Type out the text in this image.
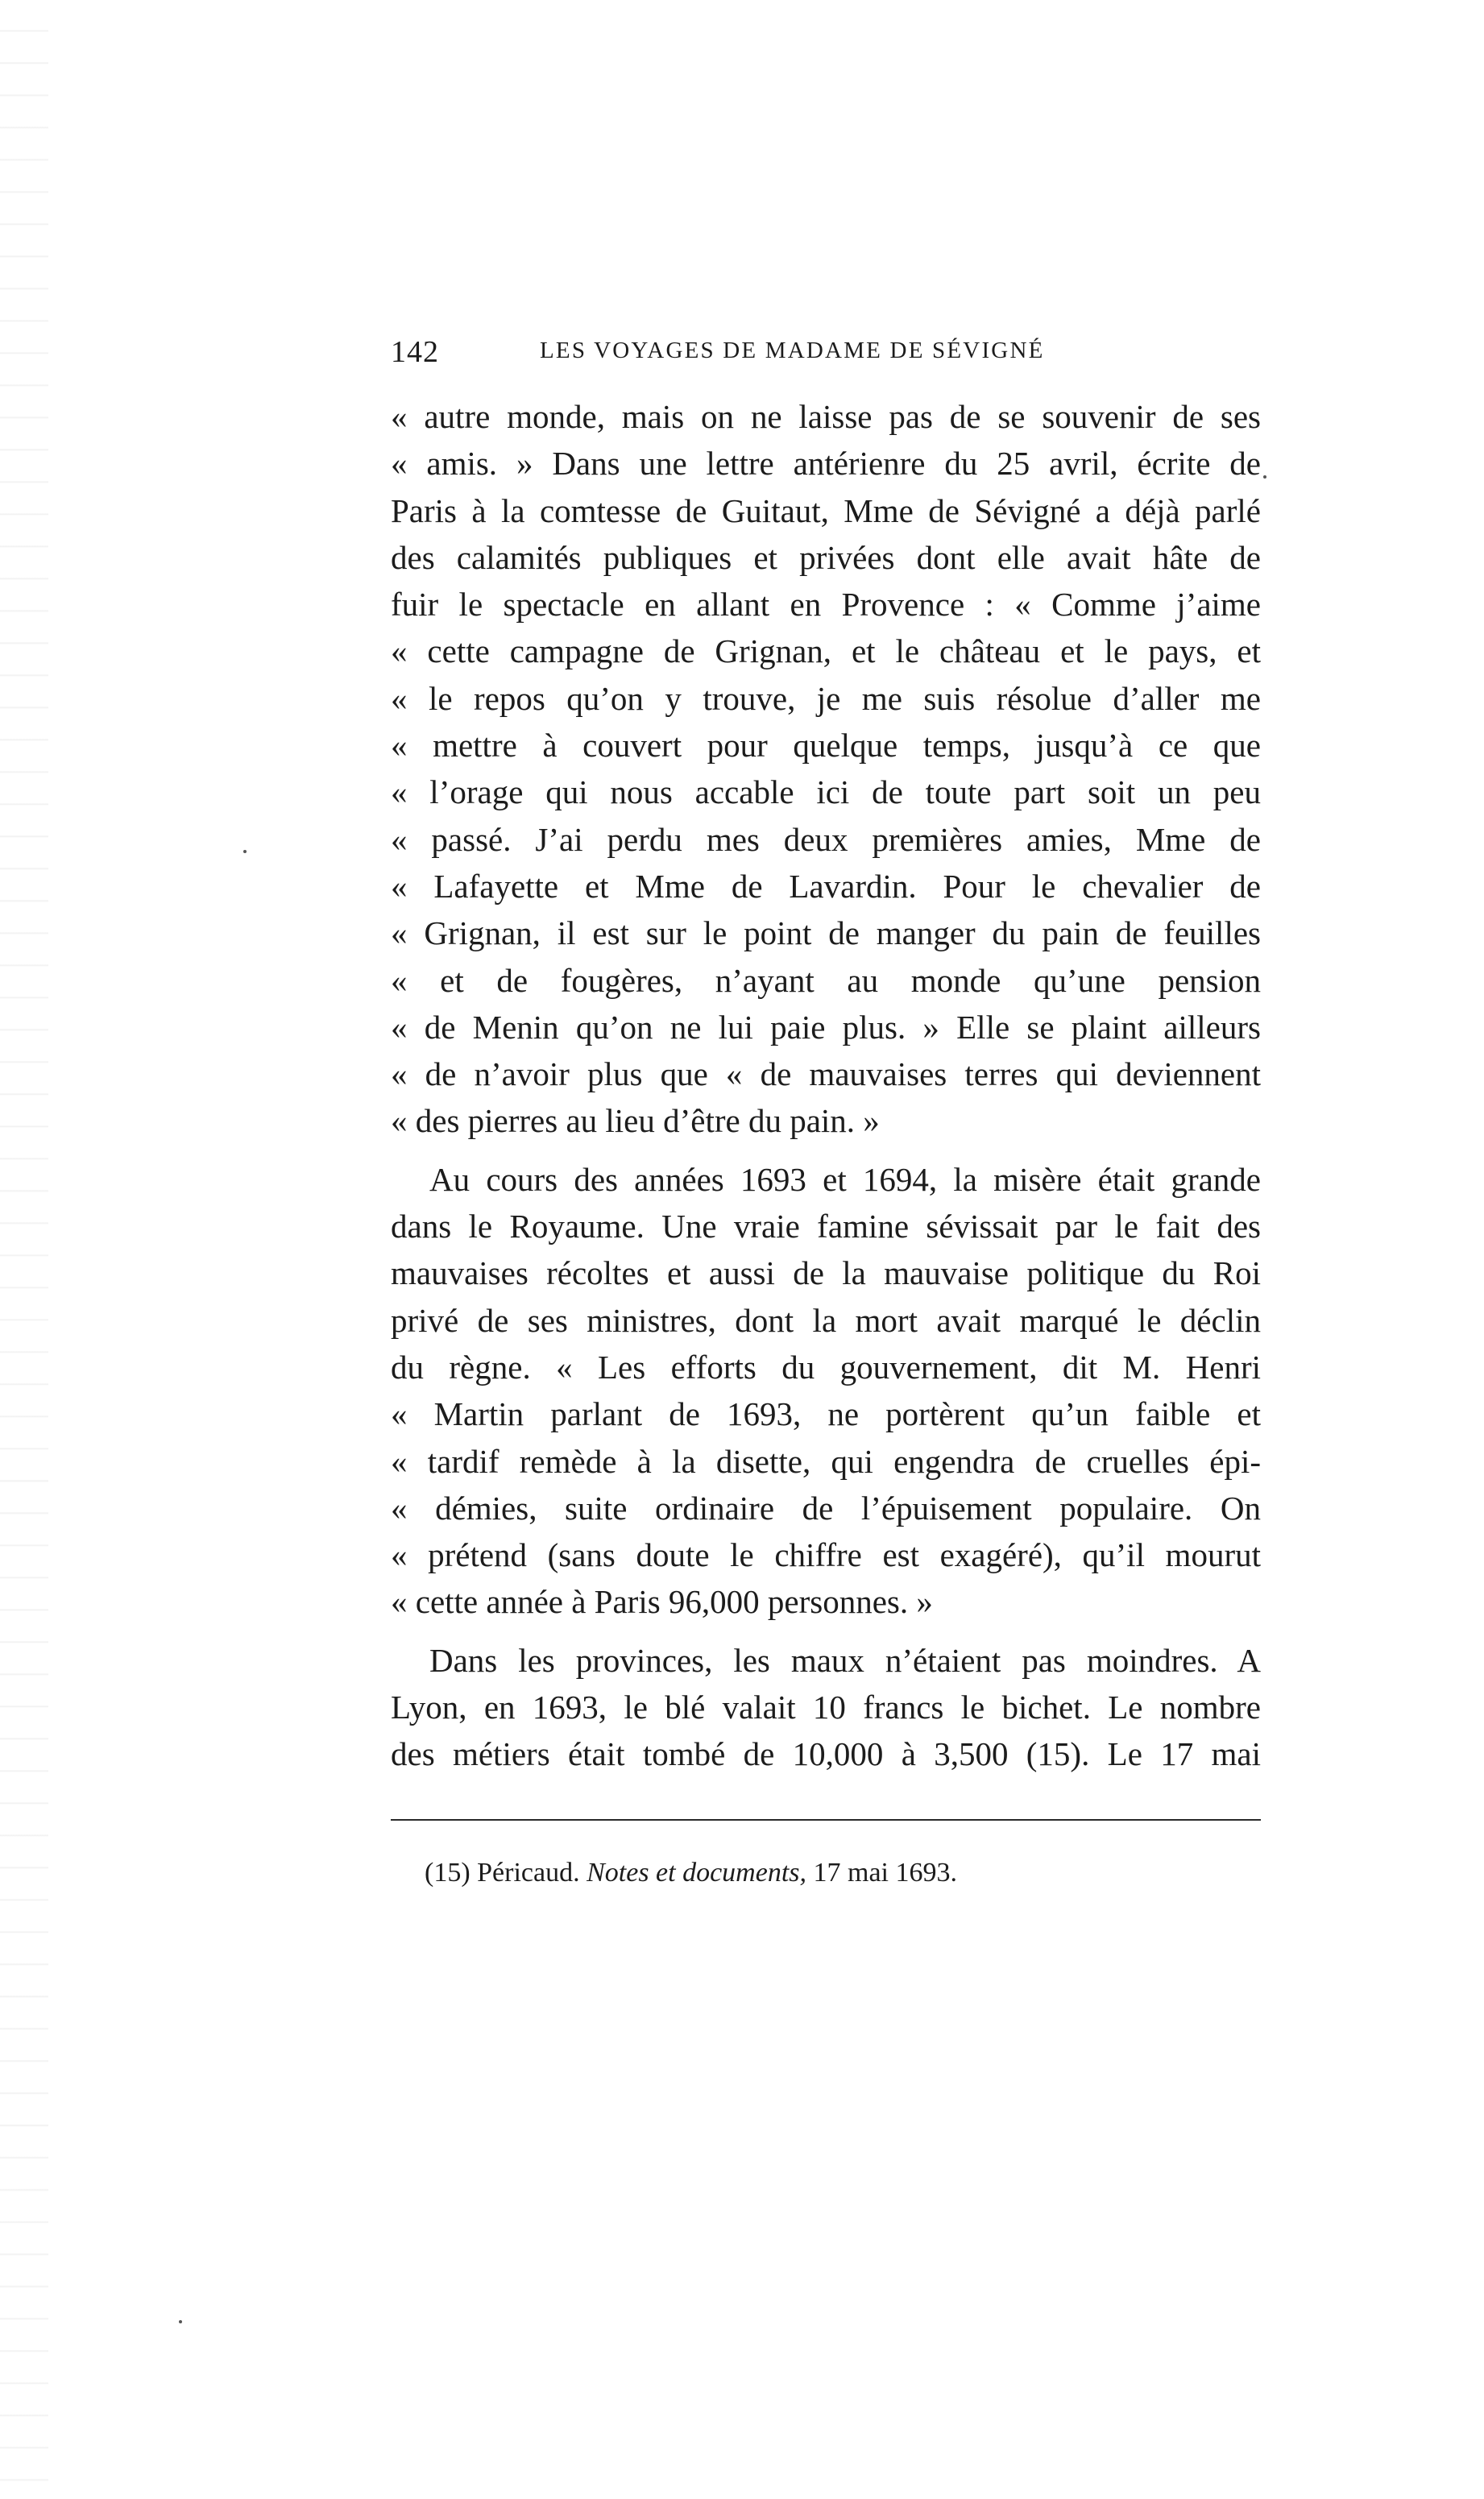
142	LES VOYAGES DE MADAME DE SÉVIGNÉ
« autre monde, mais on ne laisse pas de se souvenir de ses
« amis. » Dans une lettre antérienre du 25 avril, écrite de
Paris à la comtesse de Guitaut, Mme de Sévigné a déjà parlé
des calamités publiques et privées dont elle avait hâte de
fuir le spectacle en allant en Provence : « Comme j’aime
« cette campagne de Grignan, et le château et le pays, et
« le repos qu’on y trouve, je me suis résolue d’aller me
« mettre à couvert pour quelque temps, jusqu’à ce que
« l’orage qui nous accable ici de toute part soit un peu
« passé. J’ai perdu mes deux premières amies, Mme de
« Lafayette et Mme de Lavardin. Pour le chevalier de
« Grignan, il est sur le point de manger du pain de feuilles
« et de fougères, n’ayant au monde qu’une pension
« de Menin qu’on ne lui paie plus. » Elle se plaint ailleurs
« de n’avoir plus que « de mauvaises terres qui deviennent
« des pierres au lieu d’être du pain. »
Au cours des années 1693 et 1694, la misère était grande
dans le Royaume. Une vraie famine sévissait par le fait des
mauvaises récoltes et aussi de la mauvaise politique du Roi
privé de ses ministres, dont la mort avait marqué le déclin
du règne. « Les efforts du gouvernement, dit M. Henri
« Martin parlant de 1693, ne portèrent qu’un faible et
« tardif remède à la disette, qui engendra de cruelles épi-
« démies, suite ordinaire de l’épuisement populaire. On
« prétend (sans doute le chiffre est exagéré), qu’il mourut
« cette année à Paris 96,000 personnes. »
Dans les provinces, les maux n’étaient pas moindres. A
Lyon, en 1693, le blé valait 10 francs le bichet. Le nombre
des métiers était tombé de 10,000 à 3,500 (15). Le 17 mai
(15) Péricaud. Notes et documents, 17 mai 1693.
